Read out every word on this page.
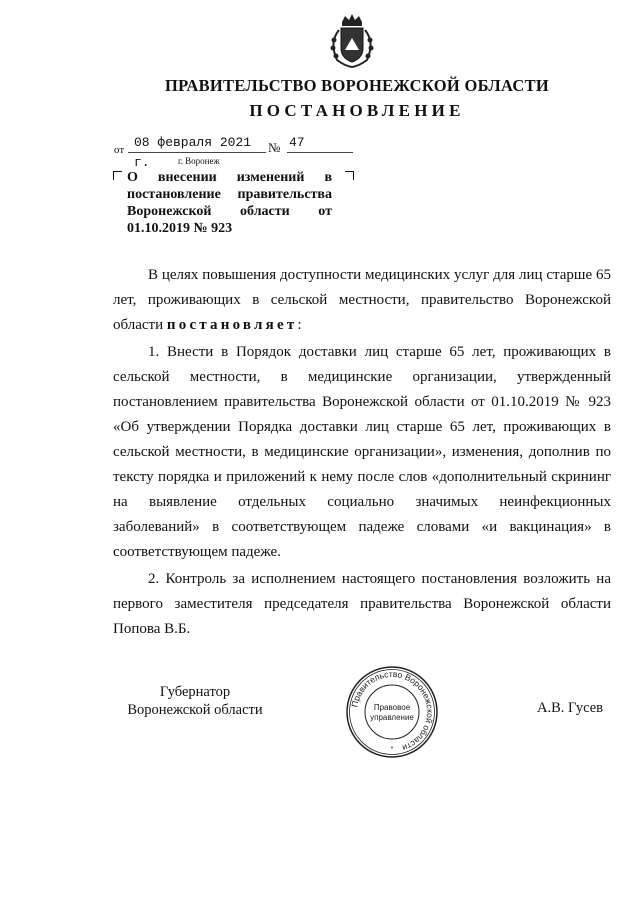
ПРАВИТЕЛЬСТВО ВОРОНЕЖСКОЙ ОБЛАСТИ
ПОСТАНОВЛЕНИЕ
от 08 февраля 2021 г.
№ 47
г. Воронеж
О внесении изменений в постановление правительства Воронежской области от 01.10.2019 № 923

В целях повышения доступности медицинских услуг для лиц старше 65 лет, проживающих в сельской местности, правительство Воронежской области постановляет:

1. Внести в Порядок доставки лиц старше 65 лет, проживающих в сельской местности, в медицинские организации, утвержденный постановлением правительства Воронежской области от 01.10.2019 № 923 «Об утверждении Порядка доставки лиц старше 65 лет, проживающих в сельской местности, в медицинские организации», изменения, дополнив по тексту порядка и приложений к нему после слов «дополнительный скрининг на выявление отдельных социально значимых неинфекционных заболеваний» в соответствующем падеже словами «и вакцинация» в соответствующем падеже.

2. Контроль за исполнением настоящего постановления возложить на первого заместителя председателя правительства Воронежской области Попова В.Б.

Губернатор
Воронежской области	Правительство Воронежской области
Правовое
управление
*
А.В. Гусев
